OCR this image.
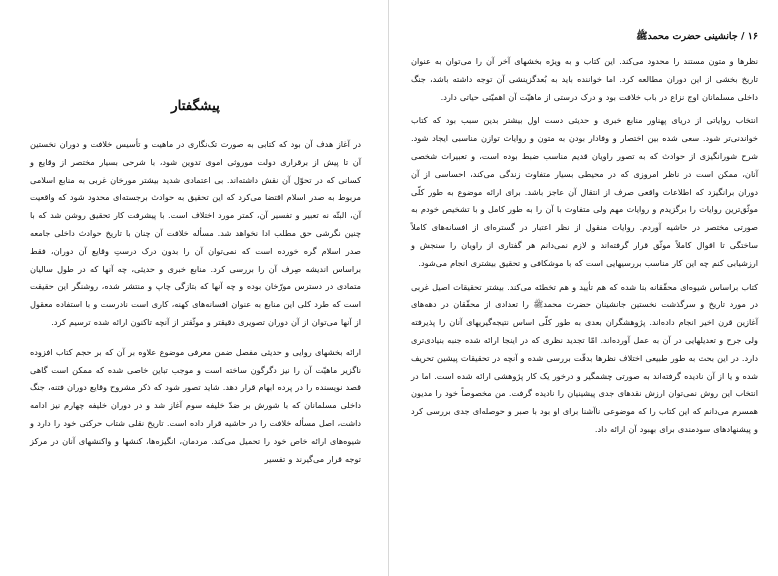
۱۶ / جانشینی حضرت محمدﷺ

نظرها و متون مستند را محدود می‌کند. این کتاب و به ویژه بخشهای آخر آن را می‌توان به عنوان تاریخ بخشی از این دوران مطالعه کرد. اما خواننده باید به بُعدگزینشی آن توجه داشته باشد، جنگ داخلی مسلمانان اوج نزاع در باب خلافت بود و درک درستی از ماهیّت آن اهمیّتی حیاتی دارد.

انتخاب روایاتی از دریای پهناور منابع خبری و حدیثی دست اول بیشتر بدین سبب بود که کتاب خواندنی‌تر شود. سعی شده بین اختصار و وفادار بودن به متون و روایات توازن مناسبی ایجاد شود. شرح شورانگیزی از حوادث که به تصور راویان قدیم مناسب ضبط بوده است، و تعبیرات شخصی آنان، ممکن است در ناظر امروزی که در محیطی بسیار متفاوت زندگی می‌کند، احساسی از آن دوران برانگیزد که اطلاعات واقعی صرف از انتقال آن عاجز باشد. برای ارائه موضوع به طور کلّی موثّق‌ترین روایات را برگزیدم و روایات مهم ولی متفاوت با آن را به طور کامل و با تشخیص خودم به صورتی مختصر در حاشیه آوردم. روایات منقول از نظر اعتبار در گستره‌ای از افسانه‌های کاملاً ساختگی تا اقوال کاملاً موثّق قرار گرفته‌اند و لازم نمی‌دانم هر گفتاری از راویان را سنجش و ارزشیابی کنم چه این کار مناسب بررسیهایی است که با موشکافی و تحقیق بیشتری انجام می‌شود.

کتاب براساس شیوه‌ای محقّقانه بنا شده که هم تأیید و هم تخطئه می‌کند. بیشتر تحقیقات اصیل غربی در مورد تاریخ و سرگذشت نخستین جانشینان حضرت محمدﷺ را تعدادی از محقّقان در دهه‌های آغازین قرن اخیر انجام داده‌اند. پژوهشگران بعدی به طور کلّی اساس نتیجه‌گیریهای آنان را پذیرفته ولی جرح و تعدیلهایی در آن به عمل آورده‌اند. امّا تجدید نظری که در اینجا ارائه شده جنبه بنیادی‌تری دارد. در این بحث به طور طبیعی اختلاف نظرها بدقّت بررسی شده و آنچه در تحقیقات پیشین تحریف شده و یا از آن نادیده گرفته‌اند به صورتی چشمگیر و درخور یک کار پژوهشی ارائه شده است. اما در انتخاب این روش نمی‌توان ارزش نقدهای جدی پیشینیان را نادیده گرفت. من مخصوصاً خود را مدیون همسرم می‌دانم که این کتاب را که موضوعی ناآشنا برای او بود با صبر و حوصله‌ای جدی بررسی کرد و پیشنهادهای سودمندی برای بهبود آن ارائه داد.

پیشگفتار

در آغاز هدف آن بود که کتابی به صورت تک‌نگاری در ماهیت و تأسیس خلافت و دوران نخستین آن تا پیش از برقراری دولت موروثی اموی تدوین شود، با شرحی بسیار مختصر از وقایع و کسانی که در تحوّل آن نقش داشته‌اند. بی اعتمادی شدید بیشتر مورخان غربی به منابع اسلامی مربوط به صدر اسلام اقتضا می‌کرد که این تحقیق به حوادث برجسته‌ای محدود شود که واقعیت آن، البتّه نه تعبیر و تفسیر آن، کمتر مورد اختلاف است. با پیشرفت کار تحقیق روشن شد که با چنین نگرشی حق مطلب ادا نخواهد شد. مسأله خلافت آن چنان با تاریخ حوادث داخلی جامعه صدر اسلام گره خورده است که نمی‌توان آن را بدون درک درستِ وقایع آن دوران، فقط براساس اندیشه صِرف آن را بررسی کرد. منابع خبری و حدیثی، چه آنها که در طول سالیان متمادی در دسترس مورّخان بوده و چه آنها که بتازگی چاپ و منتشر شده، روشنگر این حقیقت است که طرد کلی این منابع به عنوان افسانه‌های کهنه، کاری است نادرست و با استفاده معقول از آنها می‌توان از آن دوران تصویری دقیقتر و موثّقتر از آنچه تاکنون ارائه شده ترسیم کرد.

ارائه بخشهای روایی و حدیثی مفصل ضمن معرفی موضوع علاوه بر آن که بر حجم کتاب افزوده ناگزیر ماهیّت آن را نیز دگرگون ساخته است و موجب تباین خاصی شده که ممکن است گاهی قصد نویسنده را در پرده ابهام قرار دهد. شاید تصور شود که ذکر مشروح وقایع دوران فتنه، جنگ داخلی مسلمانان که با شورش بر ضدّ خلیفه سوم آغاز شد و در دوران خلیفه چهارم نیز ادامه داشت، اصل مسأله خلافت را در حاشیه قرار داده است. تاریخ نقلی شتاب حرکتی خود را دارد و شیوه‌های ارائه خاص خود را تحمیل می‌کند. مردمان، انگیزه‌ها، کنشها و واکنشهای آنان در مرکز توجه قرار می‌گیرند و تفسیر
